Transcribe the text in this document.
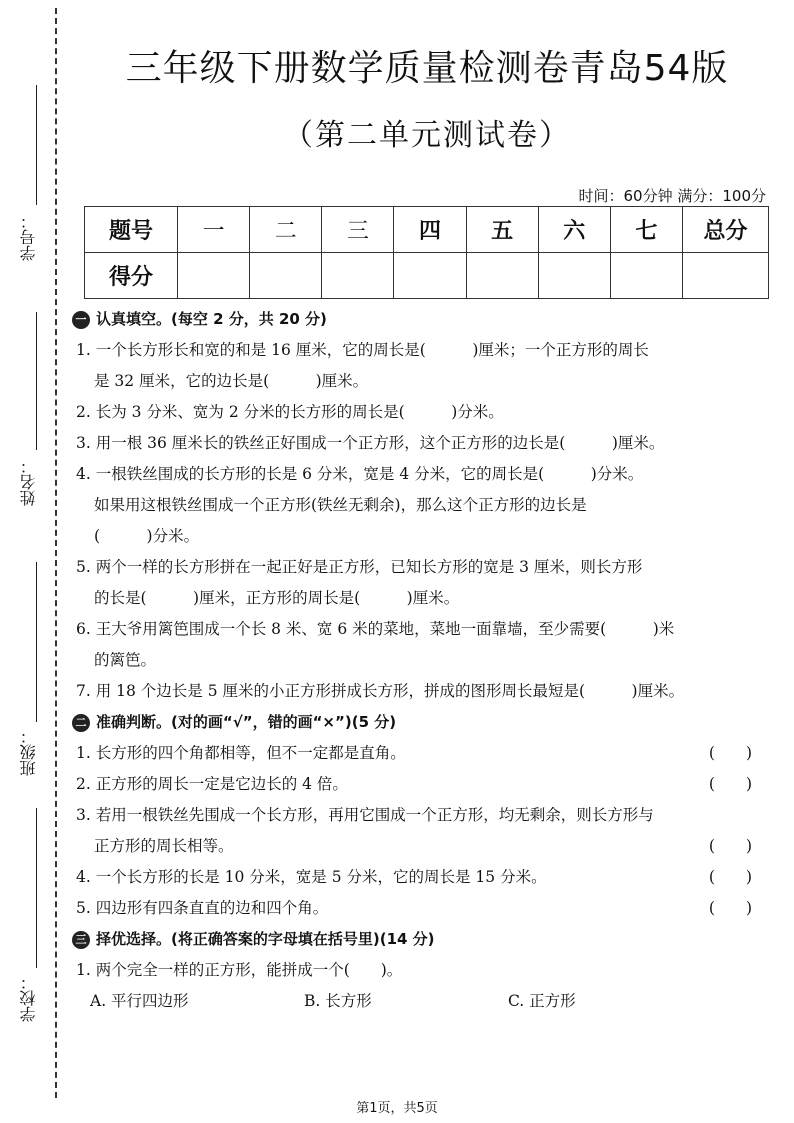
学号：
姓名：
班级：
学校：
三年级下册数学质量检测卷青岛54版
（第二单元测试卷）
时间：60分钟 满分：100分
题号	一	二	三	四	五	六	七	总分
得分								
一 认真填空。(每空 2 分，共 20 分)
1. 一个长方形长和宽的和是 16 厘米，它的周长是(　　　)厘米；一个正方形的周长
是 32 厘米，它的边长是(　　　)厘米。
2. 长为 3 分米、宽为 2 分米的长方形的周长是(　　　)分米。
3. 用一根 36 厘米长的铁丝正好围成一个正方形，这个正方形的边长是(　　　)厘米。
4. 一根铁丝围成的长方形的长是 6 分米，宽是 4 分米，它的周长是(　　　)分米。
如果用这根铁丝围成一个正方形(铁丝无剩余)，那么这个正方形的边长是
(　　　)分米。
5. 两个一样的长方形拼在一起正好是正方形，已知长方形的宽是 3 厘米，则长方形
的长是(　　　)厘米，正方形的周长是(　　　)厘米。
6. 王大爷用篱笆围成一个长 8 米、宽 6 米的菜地，菜地一面靠墙，至少需要(　　　)米
的篱笆。
7. 用 18 个边长是 5 厘米的小正方形拼成长方形，拼成的图形周长最短是(　　　)厘米。
二 准确判断。(对的画“√”，错的画“×”)(5 分)
1. 长方形的四个角都相等，但不一定都是直角。	(　　)
2. 正方形的周长一定是它边长的 4 倍。	(　　)
3. 若用一根铁丝先围成一个长方形，再用它围成一个正方形，均无剩余，则长方形与
正方形的周长相等。	(　　)
4. 一个长方形的长是 10 分米，宽是 5 分米，它的周长是 15 分米。	(　　)
5. 四边形有四条直直的边和四个角。	(　　)
三 择优选择。(将正确答案的字母填在括号里)(14 分)
1. 两个完全一样的正方形，能拼成一个(　　)。
A. 平行四边形	B. 长方形	C. 正方形
第1页，共5页
